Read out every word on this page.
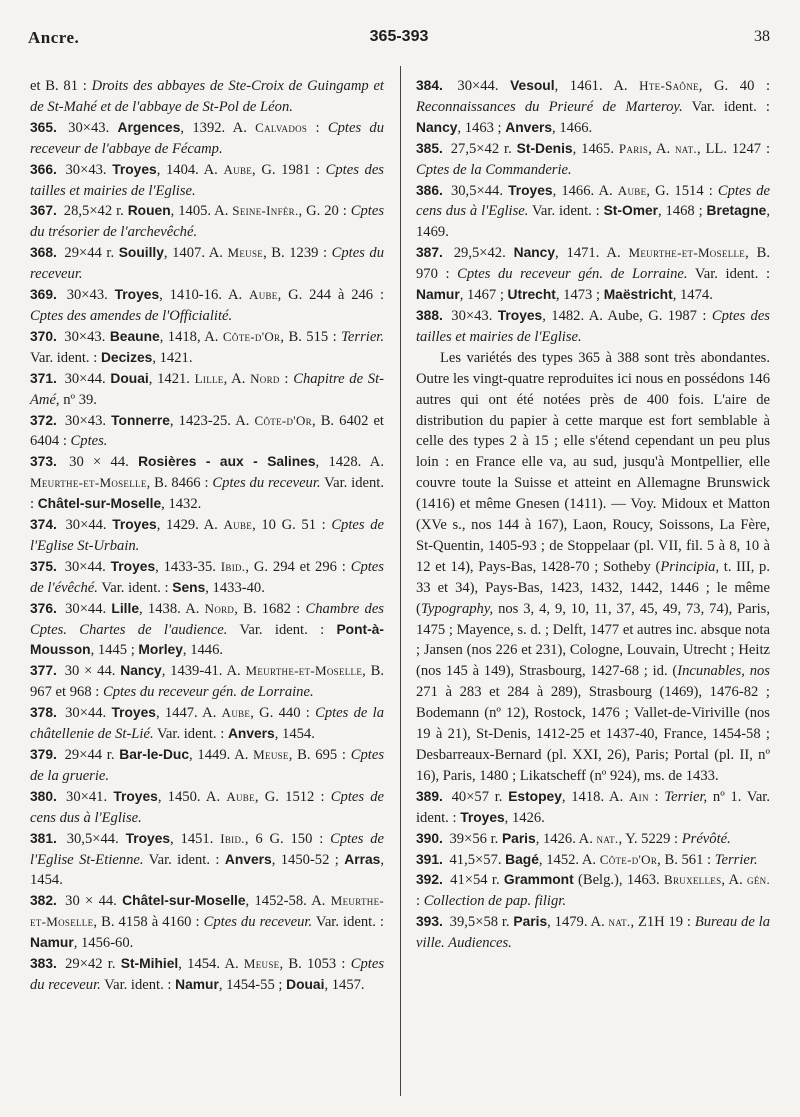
Ancre.	365-393	38

et B. 81 : Droits des abbayes de Ste-Croix de Guingamp et de St-Mahé et de l'abbaye de St-Pol de Léon.

365. 30×43. Argences, 1392. A. Calvados : Cptes du receveur de l'abbaye de Fécamp.

366. 30×43. Troyes, 1404. A. Aube, G. 1981 : Cptes des tailles et mairies de l'Eglise.

367. 28,5×42 r. Rouen, 1405. A. Seine-Infér., G. 20 : Cptes du trésorier de l'archevêché.

368. 29×44 r. Souilly, 1407. A. Meuse, B. 1239 : Cptes du receveur.

369. 30×43. Troyes, 1410-16. A. Aube, G. 244 à 246 : Cptes des amendes de l'Officialité.

370. 30×43. Beaune, 1418, A. Côte-d'Or, B. 515 : Terrier. Var. ident. : Decizes, 1421.

371. 30×44. Douai, 1421. Lille, A. Nord : Chapitre de St-Amé, nº 39.

372. 30×43. Tonnerre, 1423-25. A. Côte-d'Or, B. 6402 et 6404 : Cptes.

373. 30 × 44. Rosières - aux - Salines, 1428. A. Meurthe-et-Moselle, B. 8466 : Cptes du receveur. Var. ident. : Châtel-sur-Moselle, 1432.

374. 30×44. Troyes, 1429. A. Aube, 10 G. 51 : Cptes de l'Eglise St-Urbain.

375. 30×44. Troyes, 1433-35. Ibid., G. 294 et 296 : Cptes de l'évêché. Var. ident. : Sens, 1433-40.

376. 30×44. Lille, 1438. A. Nord, B. 1682 : Chambre des Cptes. Chartes de l'audience. Var. ident. : Pont-à-Mousson, 1445 ; Morley, 1446.

377. 30 × 44. Nancy, 1439-41. A. Meurthe-et-Moselle, B. 967 et 968 : Cptes du receveur gén. de Lorraine.

378. 30×44. Troyes, 1447. A. Aube, G. 440 : Cptes de la châtellenie de St-Lié. Var. ident. : Anvers, 1454.

379. 29×44 r. Bar-le-Duc, 1449. A. Meuse, B. 695 : Cptes de la gruerie.

380. 30×41. Troyes, 1450. A. Aube, G. 1512 : Cptes de cens dus à l'Eglise.

381. 30,5×44. Troyes, 1451. Ibid., 6 G. 150 : Cptes de l'Eglise St-Etienne. Var. ident. : Anvers, 1450-52 ; Arras, 1454.

382. 30 × 44. Châtel-sur-Moselle, 1452-58. A. Meurthe-et-Moselle, B. 4158 à 4160 : Cptes du receveur. Var. ident. : Namur, 1456-60.

383. 29×42 r. St-Mihiel, 1454. A. Meuse, B. 1053 : Cptes du receveur. Var. ident. : Namur, 1454-55 ; Douai, 1457.

384. 30×44. Vesoul, 1461. A. Hte-Saône, G. 40 : Reconnaissances du Prieuré de Marteroy. Var. ident. : Nancy, 1463 ; Anvers, 1466.

385. 27,5×42 r. St-Denis, 1465. Paris, A. nat., LL. 1247 : Cptes de la Commanderie.

386. 30,5×44. Troyes, 1466. A. Aube, G. 1514 : Cptes de cens dus à l'Eglise. Var. ident. : St-Omer, 1468 ; Bretagne, 1469.

387. 29,5×42. Nancy, 1471. A. Meurthe-et-Moselle, B. 970 : Cptes du receveur gén. de Lorraine. Var. ident. : Namur, 1467 ; Utrecht, 1473 ; Maëstricht, 1474.

388. 30×43. Troyes, 1482. A. Aube, G. 1987 : Cptes des tailles et mairies de l'Eglise.

Les variétés des types 365 à 388 sont très abondantes. Outre les vingt-quatre reproduites ici nous en possédons 146 autres qui ont été notées près de 400 fois. L'aire de distribution du papier à cette marque est fort semblable à celle des types 2 à 15 ; elle s'étend cependant un peu plus loin : en France elle va, au sud, jusqu'à Montpellier, elle couvre toute la Suisse et atteint en Allemagne Brunswick (1416) et même Gnesen (1411). — Voy. Midoux et Matton (XVe s., nos 144 à 167), Laon, Roucy, Soissons, La Fère, St-Quentin, 1405-93 ; de Stoppelaar (pl. VII, fil. 5 à 8, 10 à 12 et 14), Pays-Bas, 1428-70 ; Sotheby (Principia, t. III, p. 33 et 34), Pays-Bas, 1423, 1432, 1442, 1446 ; le même (Typography, nos 3, 4, 9, 10, 11, 37, 45, 49, 73, 74), Paris, 1475 ; Mayence, s. d. ; Delft, 1477 et autres inc. absque nota ; Jansen (nos 226 et 231), Cologne, Louvain, Utrecht ; Heitz (nos 145 à 149), Strasbourg, 1427-68 ; id. (Incunables, nos 271 à 283 et 284 à 289), Strasbourg (1469), 1476-82 ; Bodemann (nº 12), Rostock, 1476 ; Vallet-de-Viriville (nos 19 à 21), St-Denis, 1412-25 et 1437-40, France, 1454-58 ; Desbarreaux-Bernard (pl. XXI, 26), Paris; Portal (pl. II, nº 16), Paris, 1480 ; Likatscheff (nº 924), ms. de 1433.

389. 40×57 r. Estopey, 1418. A. Ain : Terrier, nº 1. Var. ident. : Troyes, 1426.

390. 39×56 r. Paris, 1426. A. nat., Y. 5229 : Prévôté.

391. 41,5×57. Bagé, 1452. A. Côte-d'Or, B. 561 : Terrier.

392. 41×54 r. Grammont (Belg.), 1463. Bruxelles, A. gén. : Collection de pap. filigr.

393. 39,5×58 r. Paris, 1479. A. nat., Z1H 19 : Bureau de la ville. Audiences.
